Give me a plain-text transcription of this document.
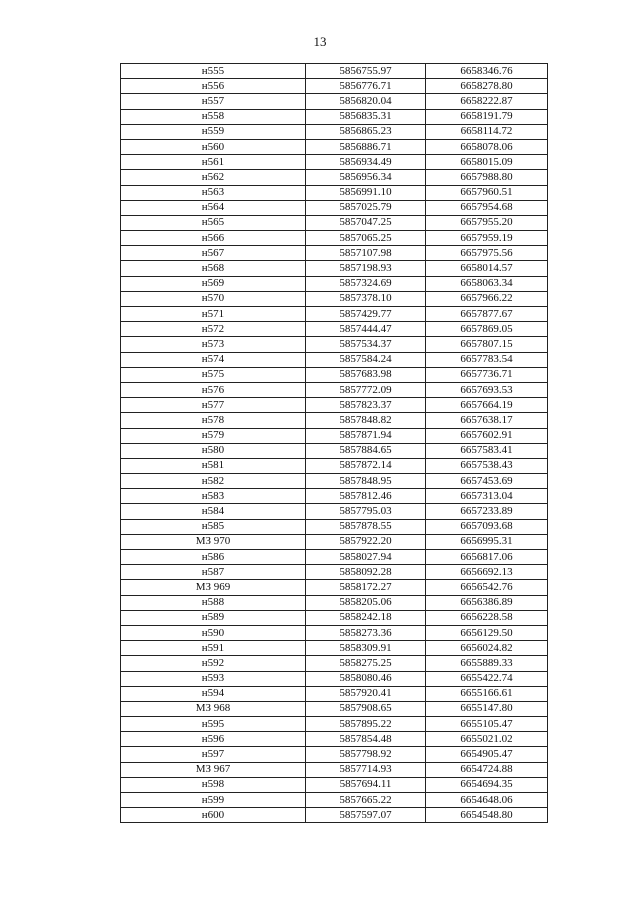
13
н555	5856755.97	6658346.76
н556	5856776.71	6658278.80
н557	5856820.04	6658222.87
н558	5856835.31	6658191.79
н559	5856865.23	6658114.72
н560	5856886.71	6658078.06
н561	5856934.49	6658015.09
н562	5856956.34	6657988.80
н563	5856991.10	6657960.51
н564	5857025.79	6657954.68
н565	5857047.25	6657955.20
н566	5857065.25	6657959.19
н567	5857107.98	6657975.56
н568	5857198.93	6658014.57
н569	5857324.69	6658063.34
н570	5857378.10	6657966.22
н571	5857429.77	6657877.67
н572	5857444.47	6657869.05
н573	5857534.37	6657807.15
н574	5857584.24	6657783.54
н575	5857683.98	6657736.71
н576	5857772.09	6657693.53
н577	5857823.37	6657664.19
н578	5857848.82	6657638.17
н579	5857871.94	6657602.91
н580	5857884.65	6657583.41
н581	5857872.14	6657538.43
н582	5857848.95	6657453.69
н583	5857812.46	6657313.04
н584	5857795.03	6657233.89
н585	5857878.55	6657093.68
МЗ 970	5857922.20	6656995.31
н586	5858027.94	6656817.06
н587	5858092.28	6656692.13
МЗ 969	5858172.27	6656542.76
н588	5858205.06	6656386.89
н589	5858242.18	6656228.58
н590	5858273.36	6656129.50
н591	5858309.91	6656024.82
н592	5858275.25	6655889.33
н593	5858080.46	6655422.74
н594	5857920.41	6655166.61
МЗ 968	5857908.65	6655147.80
н595	5857895.22	6655105.47
н596	5857854.48	6655021.02
н597	5857798.92	6654905.47
МЗ 967	5857714.93	6654724.88
н598	5857694.11	6654694.35
н599	5857665.22	6654648.06
н600	5857597.07	6654548.80
